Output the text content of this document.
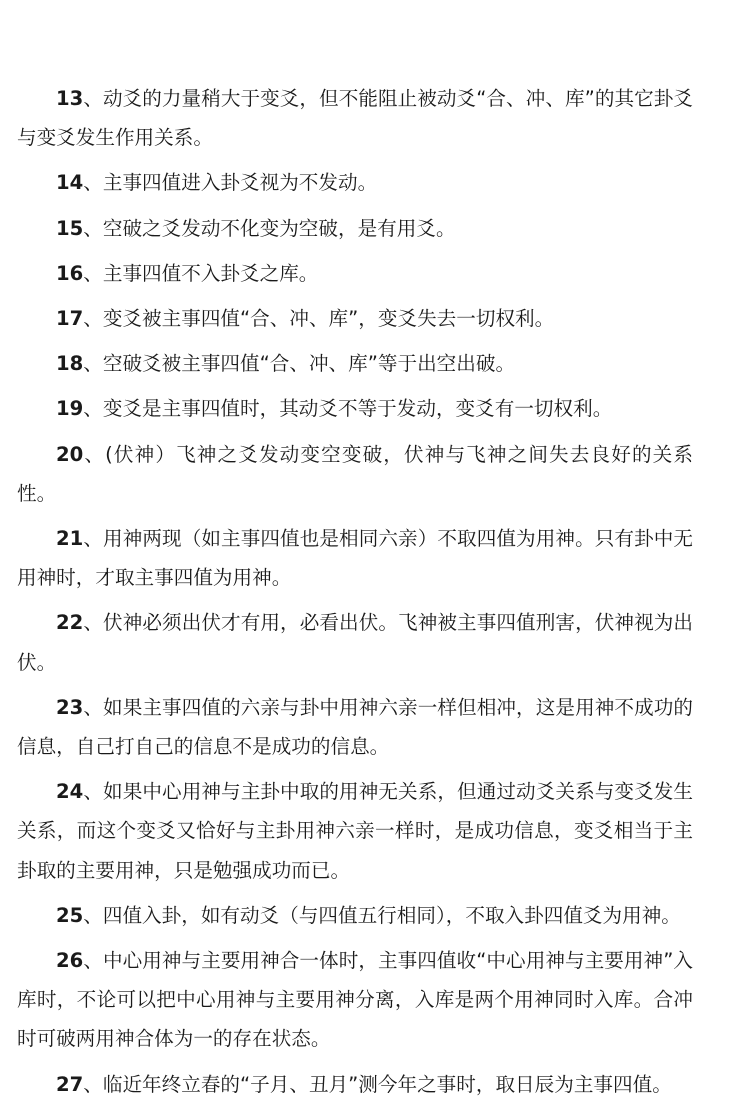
13、动爻的力量稍大于变爻，但不能阻止被动爻“合、冲、库”的其它卦爻与变爻发生作用关系。

14、主事四值进入卦爻视为不发动。

15、空破之爻发动不化变为空破，是有用爻。

16、主事四值不入卦爻之库。

17、变爻被主事四值“合、冲、库”，变爻失去一切权利。

18、空破爻被主事四值“合、冲、库”等于出空出破。

19、变爻是主事四值时，其动爻不等于发动，变爻有一切权利。

20、(伏神）飞神之爻发动变空变破，伏神与飞神之间失去良好的关系性。

21、用神两现（如主事四值也是相同六亲）不取四值为用神。只有卦中无用神时，才取主事四值为用神。

22、伏神必须出伏才有用，必看出伏。飞神被主事四值刑害，伏神视为出伏。

23、如果主事四值的六亲与卦中用神六亲一样但相冲，这是用神不成功的信息，自己打自己的信息不是成功的信息。

24、如果中心用神与主卦中取的用神无关系，但通过动爻关系与变爻发生关系，而这个变爻又恰好与主卦用神六亲一样时，是成功信息，变爻相当于主卦取的主要用神，只是勉强成功而已。

25、四值入卦，如有动爻（与四值五行相同），不取入卦四值爻为用神。

26、中心用神与主要用神合一体时，主事四值收“中心用神与主要用神”入库时，不论可以把中心用神与主要用神分离，入库是两个用神同时入库。合冲时可破两用神合体为一的存在状态。

27、临近年终立春的“子月、丑月”测今年之事时，取日辰为主事四值。
